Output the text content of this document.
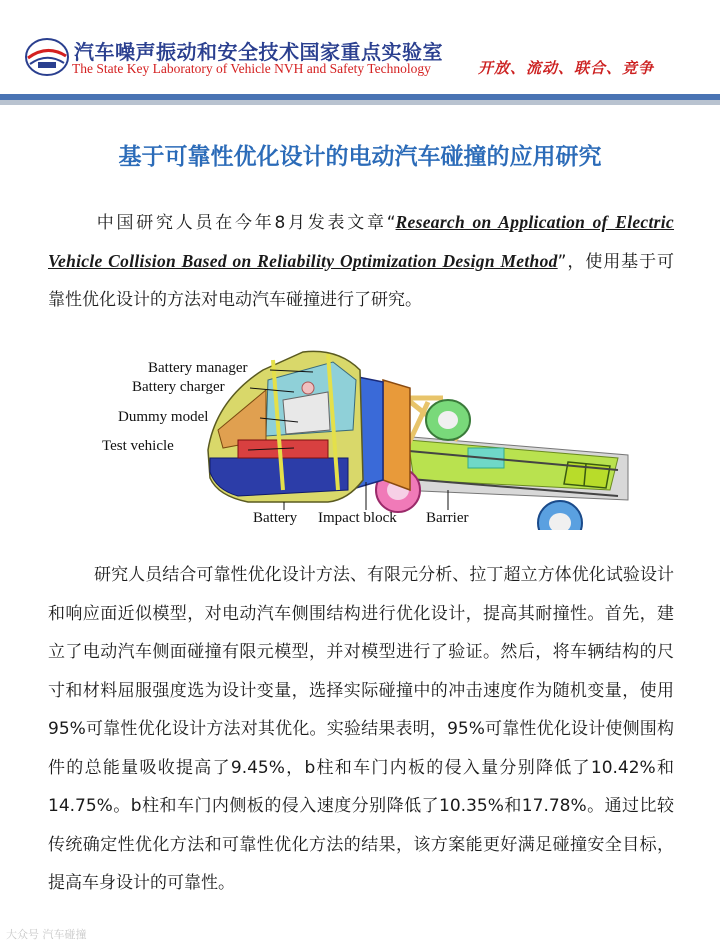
汽车噪声振动和安全技术国家重点实验室
The State Key Laboratory of Vehicle NVH and Safety Technology	开放、流动、联合、竞争
基于可靠性优化设计的电动汽车碰撞的应用研究
中国研究人员在今年8月发表文章“Research on Application of Electric Vehicle Collision Based on Reliability Optimization Design Method”，使用基于可靠性优化设计的方法对电动汽车碰撞进行了研究。
Battery manager
Battery charger
Dummy model
Test vehicle
Battery Impact block Barrier
研究人员结合可靠性优化设计方法、有限元分析、拉丁超立方体优化试验设计和响应面近似模型，对电动汽车侧围结构进行优化设计，提高其耐撞性。首先，建立了电动汽车侧面碰撞有限元模型，并对模型进行了验证。然后，将车辆结构的尺寸和材料屈服强度选为设计变量，选择实际碰撞中的冲击速度作为随机变量，使用95%可靠性优化设计方法对其优化。实验结果表明，95%可靠性优化设计使侧围构件的总能量吸收提高了9.45%，b柱和车门内板的侵入量分别降低了10.42%和14.75%。b柱和车门内侧板的侵入速度分别降低了10.35%和17.78%。通过比较传统确定性优化方法和可靠性优化方法的结果，该方案能更好满足碰撞安全目标，提高车身设计的可靠性。
大众号 汽车碰撞
